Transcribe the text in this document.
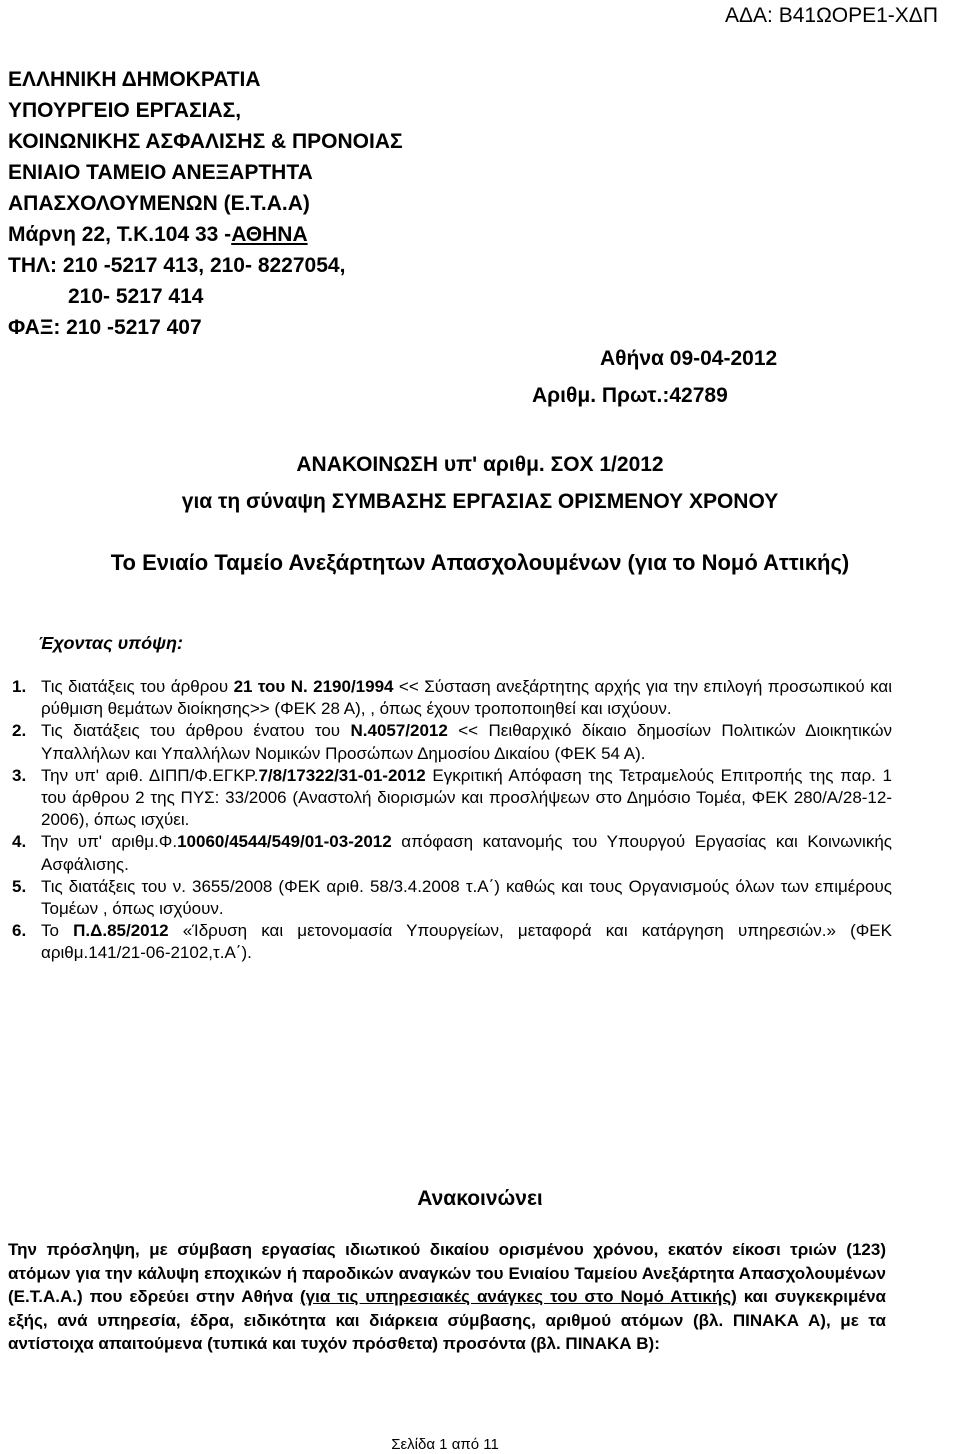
ΑΔΑ: Β41ΩΟΡΕ1-ΧΔΠ
ΕΛΛΗΝΙΚΗ ΔΗΜΟΚΡΑΤΙΑ
ΥΠΟΥΡΓΕΙΟ ΕΡΓΑΣΙΑΣ,
ΚΟΙΝΩΝΙΚΗΣ ΑΣΦΑΛΙΣΗΣ & ΠΡΟΝΟΙΑΣ
ΕΝΙΑΙΟ ΤΑΜΕΙΟ ΑΝΕΞΑΡΤΗΤΑ
ΑΠΑΣΧΟΛΟΥΜΕΝΩΝ (Ε.Τ.Α.Α)
Μάρνη 22, Τ.Κ.104 33 -ΑΘΗΝΑ
ΤΗΛ: 210 -5217 413, 210- 8227054,
210- 5217 414
ΦΑΞ: 210 -5217 407
Αθήνα 09-04-2012
Αριθμ. Πρωτ.:42789
ΑΝΑΚΟΙΝΩΣΗ υπ' αριθμ. ΣΟΧ 1/2012
για τη σύναψη ΣΥΜΒΑΣΗΣ ΕΡΓΑΣΙΑΣ ΟΡΙΣΜΕΝΟΥ ΧΡΟΝΟΥ
Το Ενιαίο Ταμείο Ανεξάρτητων Απασχολουμένων (για το Νομό Αττικής)
Έχοντας υπόψη:
1. Τις διατάξεις του άρθρου 21 του Ν. 2190/1994 << Σύσταση ανεξάρτητης αρχής για την επιλογή προσωπικού και ρύθμιση θεμάτων διοίκησης>> (ΦΕΚ 28 Α), , όπως έχουν τροποποιηθεί και ισχύουν.
2. Τις διατάξεις του άρθρου ένατου του Ν.4057/2012 << Πειθαρχικό δίκαιο δημοσίων Πολιτικών Διοικητικών Υπαλλήλων και Υπαλλήλων Νομικών Προσώπων Δημοσίου Δικαίου (ΦΕΚ 54 Α).
3. Την υπ' αριθ. ΔΙΠΠ/Φ.ΕΓΚΡ.7/8/17322/31-01-2012 Εγκριτική Απόφαση της Τετραμελούς Επιτροπής της παρ. 1 του άρθρου 2 της ΠΥΣ: 33/2006 (Αναστολή διορισμών και προσλήψεων στο Δημόσιο Τομέα, ΦΕΚ 280/Α/28-12-2006), όπως ισχύει.
4. Την υπ' αριθμ.Φ.10060/4544/549/01-03-2012 απόφαση κατανομής του Υπουργού Εργασίας και Κοινωνικής Ασφάλισης.
5. Τις διατάξεις του ν. 3655/2008 (ΦΕΚ αριθ. 58/3.4.2008 τ.Α΄) καθώς και τους Οργανισμούς όλων των επιμέρους Τομέων , όπως ισχύουν.
6. Το Π.Δ.85/2012 «Ίδρυση και μετονομασία Υπουργείων, μεταφορά και κατάργηση υπηρεσιών.» (ΦΕΚ αριθμ.141/21-06-2102,τ.Α΄).
Ανακοινώνει
Την πρόσληψη, με σύμβαση εργασίας ιδιωτικού δικαίου ορισμένου χρόνου, εκατόν είκοσι τριών (123) ατόμων για την κάλυψη εποχικών ή παροδικών αναγκών του Ενιαίου Ταμείου Ανεξάρτητα Απασχολουμένων (Ε.Τ.Α.Α.) που εδρεύει στην Αθήνα (για τις υπηρεσιακές ανάγκες του στο Νομό Αττικής) και συγκεκριμένα εξής, ανά υπηρεσία, έδρα, ειδικότητα και διάρκεια σύμβασης, αριθμού ατόμων (βλ. ΠΙΝΑΚΑ Α), με τα αντίστοιχα απαιτούμενα (τυπικά και τυχόν πρόσθετα) προσόντα (βλ. ΠΙΝΑΚΑ Β):
Σελίδα 1 από 11
